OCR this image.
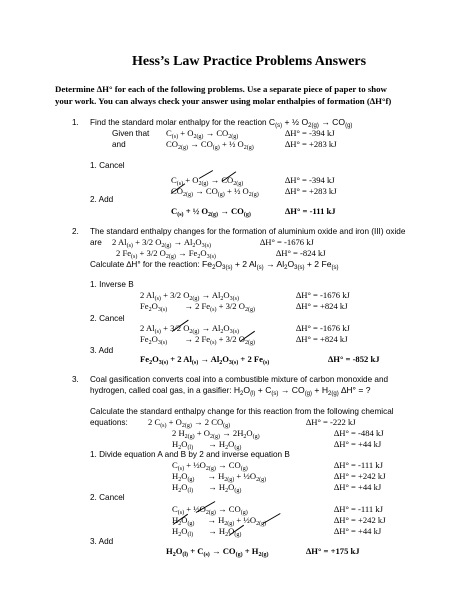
Hess’s Law Practice Problems Answers
Determine ∆H° for each of the following problems. Use a separate piece of paper to show
your work. You can always check your answer using molar enthalpies of formation (∆H°f)
1. Find the standard molar enthalpy for the reaction $C_{(s)}$ + ½ $O_{2(g)} \to CO_{(g)}$
Given that $C_{(s)} + O_{2(g)} \to CO_{2(g)}$	∆H° = -394 kJ
and	$CO_{2(g)} \to CO_{(g)}$ + ½ $O_{2(g)}$	∆H° = +283 kJ
1. Cancel
$C_{(s)} + O_{2(g)} \to CO_{2(g)}$	∆H° = -394 kJ
$CO_{2(g)} \to CO_{(g)}$ + ½ $O_{2(g)}$	∆H° = +283 kJ
2. Add
$C_{(s)}$ + ½ $O_{2(g)} \to CO_{(g)}$	∆H° = -111 kJ
2. The standard enthalpy changes for the formation of aluminium oxide and iron (III) oxide
are 2 $Al_{(s)} + 3/2$ $O_{2(g)} \to Al_2O_{3(s)}$	∆H° = -1676 kJ
2 $Fe_{(s)} + 3/2$ $O_{2(g)} \to Fe_2O_{3(s)}$	∆H° = -824 kJ
Calculate ∆H° for the reaction: $Fe_2O_{3(s)} + 2$ $Al_{(s)} \to Al_2O_{3(s)} + 2$ $Fe_{(s)}$
1. Inverse B
2 $Al_{(s)} + 3/2$ $O_{2(g)} \to Al_2O_{3(s)}$	∆H° = -1676 kJ
$Fe_2O_{3(s)}$        → 2 $Fe_{(s)} + 3/2$ $O_{2(g)}$	∆H° = +824 kJ
2. Cancel
2 $Al_{(s)} + 3/2$ $O_{2(g)} \to Al_2O_{3(s)}$	∆H° = -1676 kJ
$Fe_2O_{3(s)}$        → 2 $Fe_{(s)} + 3/2$ $O_{2(g)}$	∆H° = +824 kJ
3. Add
$Fe_2O_{3(s)} + 2$ $Al_{(s)} \to Al_2O_{3(s)} + 2$ $Fe_{(s)}$	∆H° = -852 kJ
3. Coal gasification converts coal into a combustible mixture of carbon monoxide and
hydrogen, called coal gas, in a gasifier: $H_2O_{(l)} + C_{(s)} \to CO_{(g)} + H_{2(g)}$ ∆H° = ?
Calculate the standard enthalpy change for this reaction from the following chemical
equations: 2 $C_{(s)} + O_{2(g)} \to 2$ $CO_{(g)}$	∆H° = -222 kJ
2 $H_{2(g)} + O_{2(g)} \to 2H_2O_{(g)}$	∆H° = -484 kJ
$H_2O_{(l)}$       → $H_2O_{(g)}$	∆H° = +44 kJ
1. Divide equation A and B by 2 and inverse equation B
$C_{(s)}$ + $\frac{1}{2}O_{2(g)} \to CO_{(g)}$	∆H° = -111 kJ
$H_2O_{(g)}$      → $H_{2(g)}$ + $\frac{1}{2}O_{2(g)}$	∆H° = +242 kJ
$H_2O_{(l)}$       → $H_2O_{(g)}$	∆H° = +44 kJ
2. Cancel
$C_{(s)}$ + $\frac{1}{2}O_{2(g)} \to CO_{(g)}$	∆H° = -111 kJ
$H_2O_{(g)}$      → $H_{2(g)}$ + $\frac{1}{2}O_{2(g)}$	∆H° = +242 kJ
$H_2O_{(l)}$       → $H_2O_{(g)}$	∆H° = +44 kJ
3. Add
$H_2O_{(l)} + C_{(s)} \to CO_{(g)} + H_{2(g)}$	∆H° = +175 kJ
